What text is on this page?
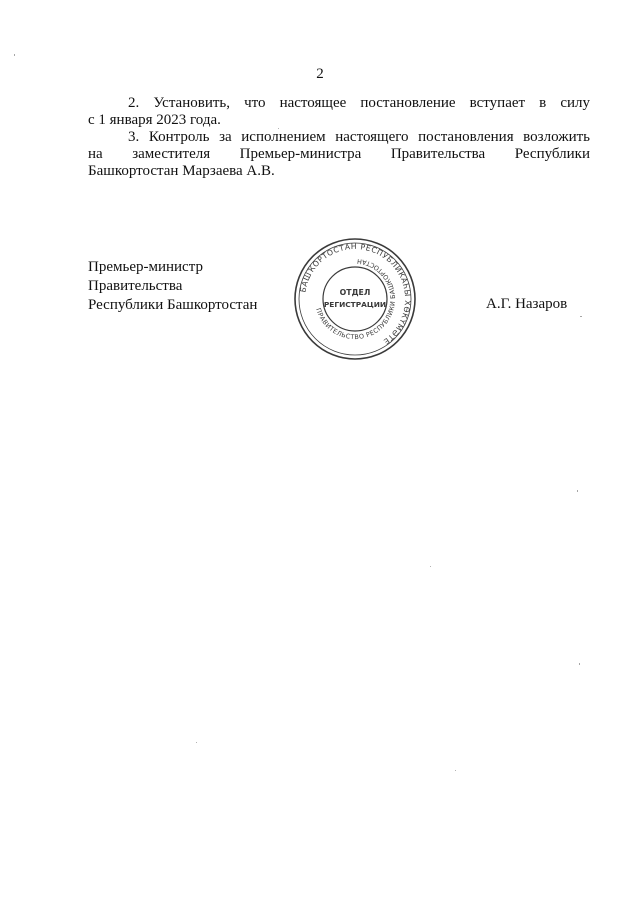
2

2. Установить, что настоящее постановление вступает в силу
с 1 января 2023 года.

3. Контроль за исполнением настоящего постановления возложить
на заместителя Премьер-министра Правительства Республики
Башкортостан Марзаева А.В.

Премьер-министр
Правительства
Республики Башкортостан	А.Г. Назаров
БАШҠОРТОСТАН РЕСПУБЛИКАҺЫ ХӨКҮМӘТЕ
ПРАВИТЕЛЬСТВО РЕСПУБЛИКИ БАШКОРТОСТАН
ОТДЕЛ
РЕГИСТРАЦИИ
